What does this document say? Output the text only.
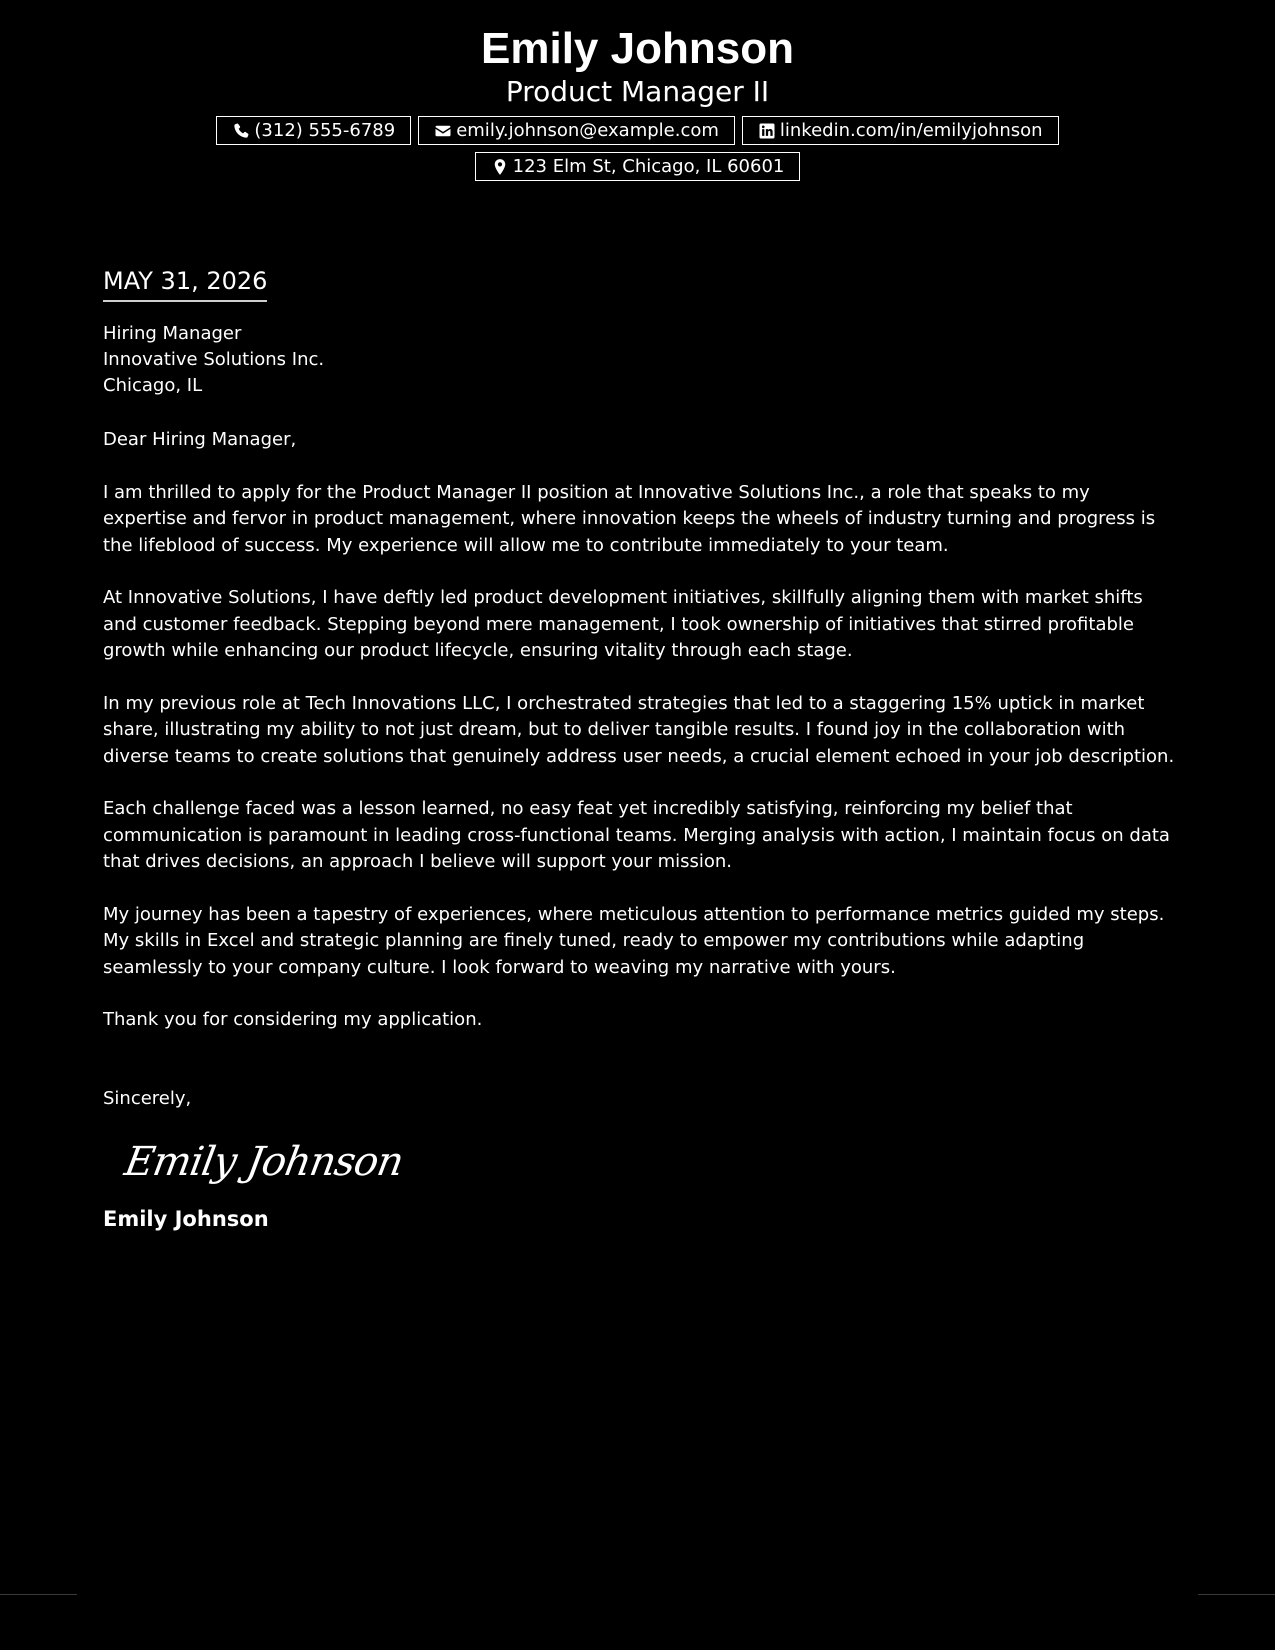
Emily Johnson
Product Manager II
(312) 555-6789	emily.johnson@example.com	linkedin.com/in/emilyjohnson
123 Elm St, Chicago, IL 60601
MAY 31, 2026
Hiring Manager
Innovative Solutions Inc.
Chicago, IL
Dear Hiring Manager,
I am thrilled to apply for the Product Manager II position at Innovative Solutions Inc., a role that speaks to my expertise and fervor in product management, where innovation keeps the wheels of industry turning and progress is the lifeblood of success. My experience will allow me to contribute immediately to your team.
At Innovative Solutions, I have deftly led product development initiatives, skillfully aligning them with market shifts and customer feedback. Stepping beyond mere management, I took ownership of initiatives that stirred profitable growth while enhancing our product lifecycle, ensuring vitality through each stage.
In my previous role at Tech Innovations LLC, I orchestrated strategies that led to a staggering 15% uptick in market share, illustrating my ability to not just dream, but to deliver tangible results. I found joy in the collaboration with diverse teams to create solutions that genuinely address user needs, a crucial element echoed in your job description.
Each challenge faced was a lesson learned, no easy feat yet incredibly satisfying, reinforcing my belief that communication is paramount in leading cross-functional teams. Merging analysis with action, I maintain focus on data that drives decisions, an approach I believe will support your mission.
My journey has been a tapestry of experiences, where meticulous attention to performance metrics guided my steps. My skills in Excel and strategic planning are finely tuned, ready to empower my contributions while adapting seamlessly to your company culture. I look forward to weaving my narrative with yours.
Thank you for considering my application.
Sincerely,
Emily Johnson
Emily Johnson
